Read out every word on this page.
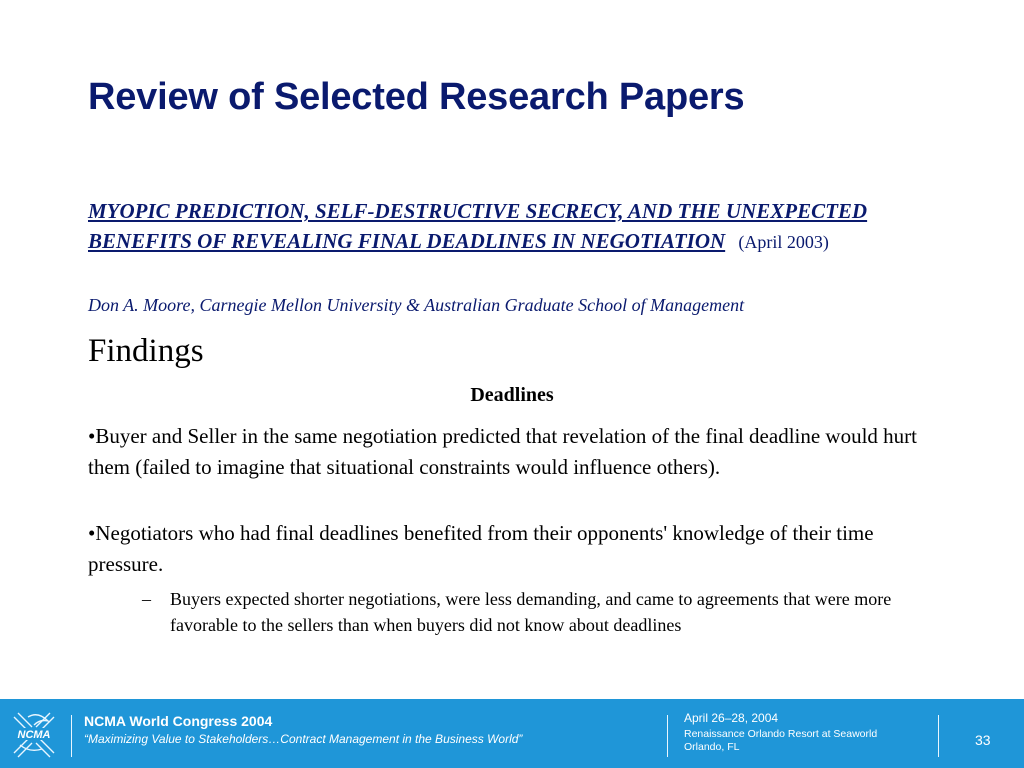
Review of Selected Research Papers
MYOPIC PREDICTION, SELF-DESTRUCTIVE SECRECY, AND THE UNEXPECTED BENEFITS OF REVEALING FINAL DEADLINES IN NEGOTIATION (April 2003)
Don A. Moore, Carnegie Mellon University & Australian Graduate School of Management
Findings
Deadlines
•Buyer and Seller in the same negotiation predicted that revelation of the final deadline would hurt them (failed to imagine that situational constraints would influence others).
•Negotiators who had final deadlines benefited from their opponents' knowledge of their time pressure.
– Buyers expected shorter negotiations, were less demanding, and came to agreements that were more favorable to the sellers than when buyers did not know about deadlines
NCMA
NCMA World Congress 2004
“Maximizing Value to Stakeholders…Contract Management in the Business World”
April 26–28, 2004
Renaissance Orlando Resort at Seaworld
Orlando, FL	33
